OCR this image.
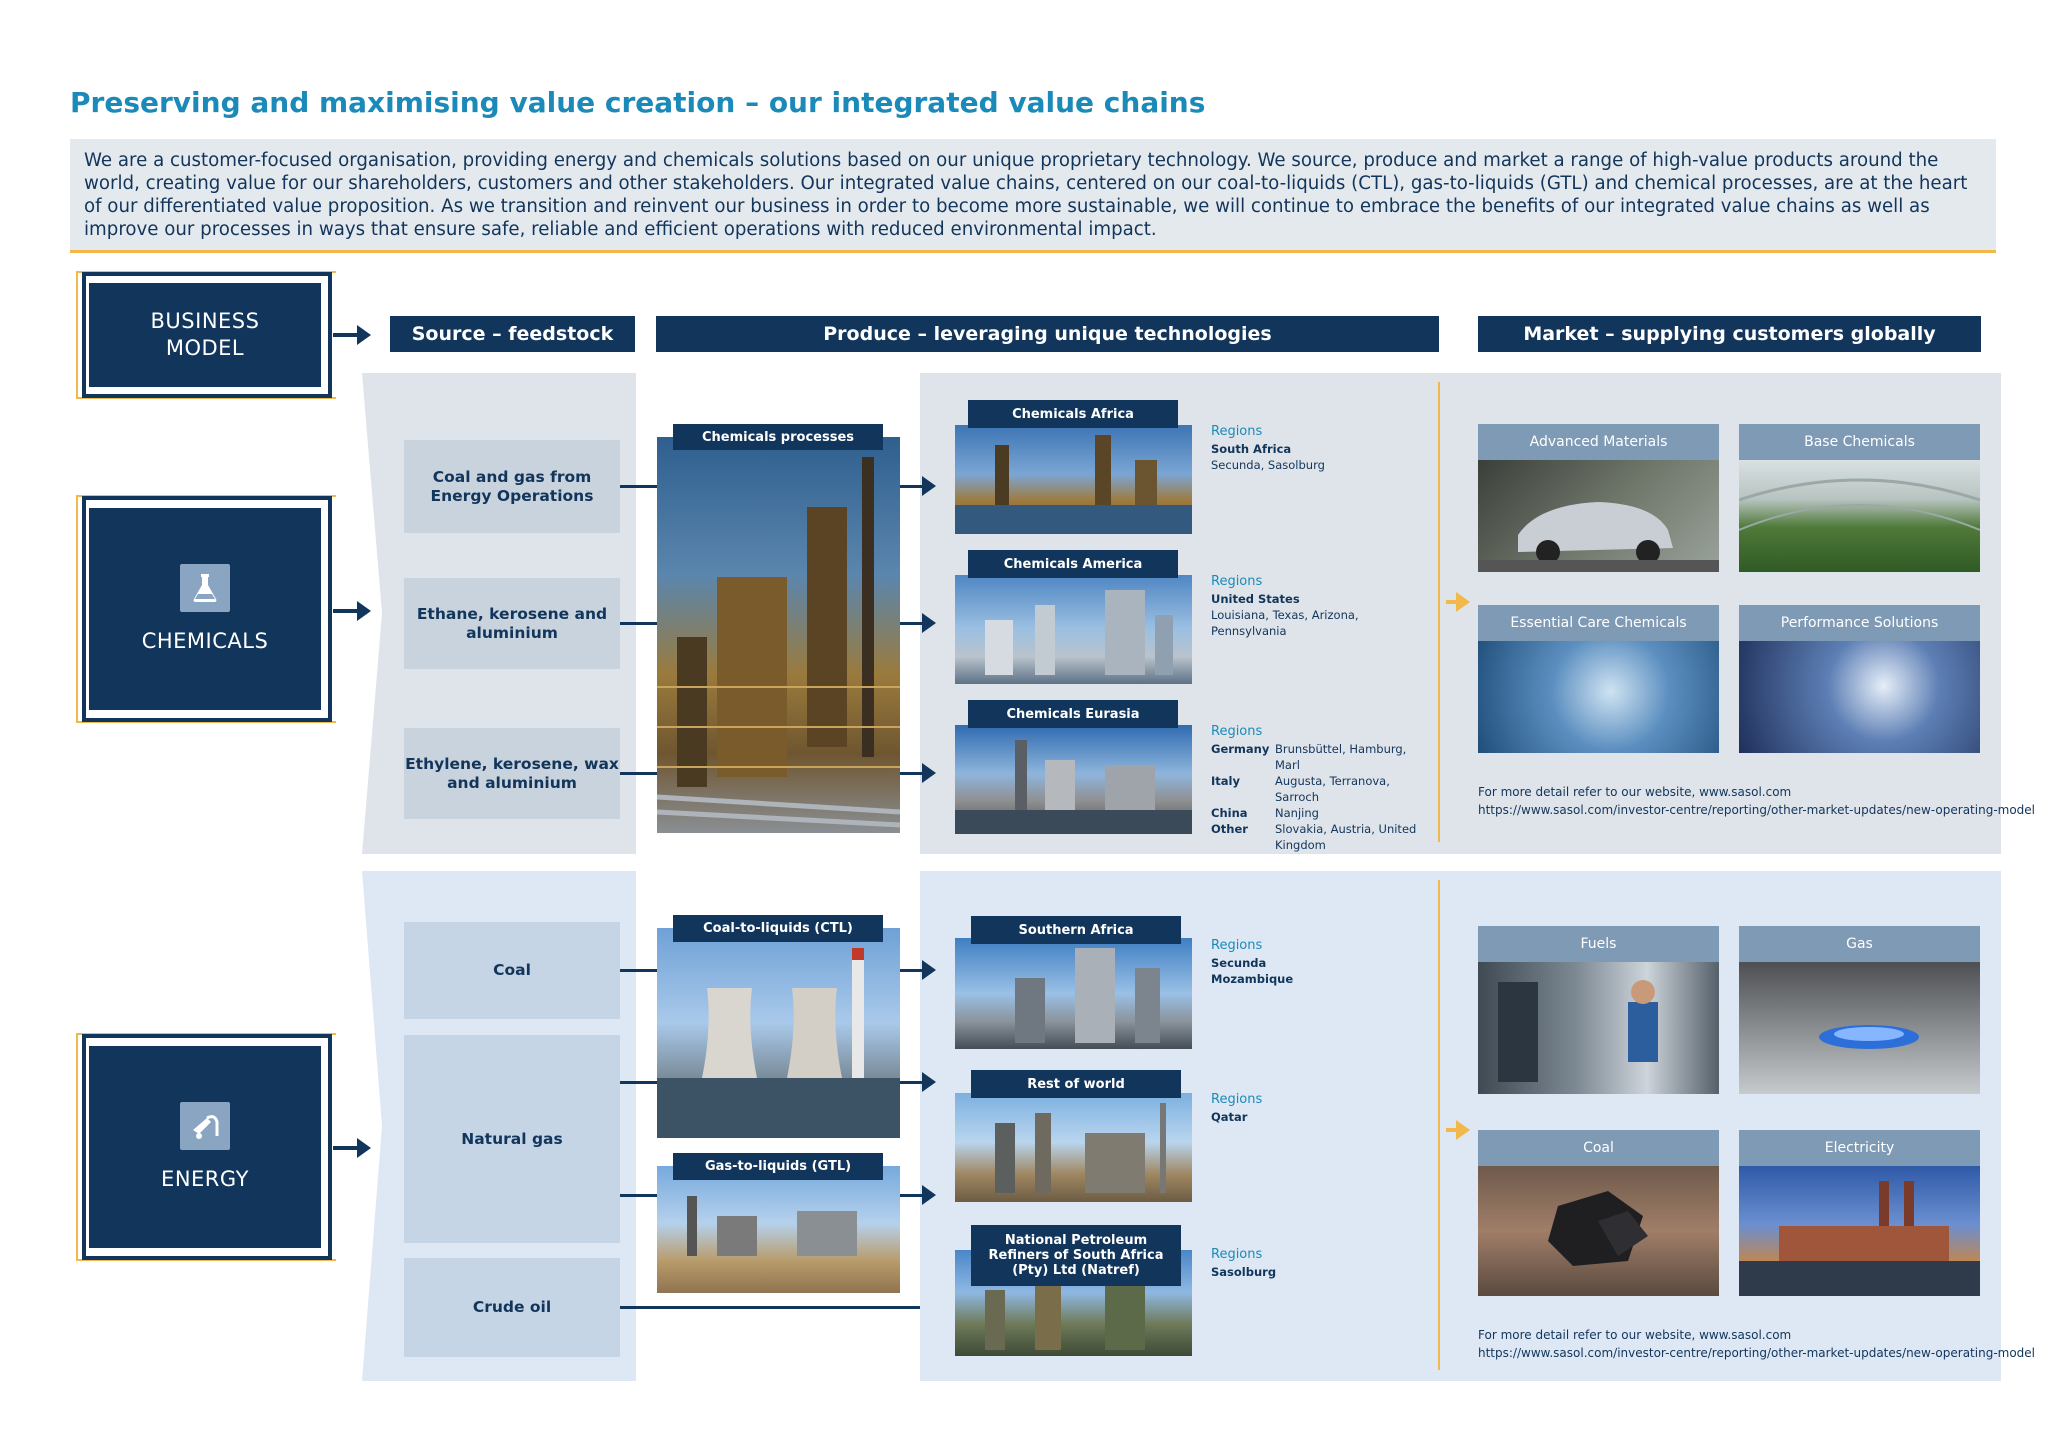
Preserving and maximising value creation – our integrated value chains
We are a customer-focused organisation, providing energy and chemicals solutions based on our unique proprietary technology. We source, produce and market a range of high-value products around the world, creating value for our shareholders, customers and other stakeholders. Our integrated value chains, centered on our coal-to-liquids (CTL), gas-to-liquids (GTL) and chemical processes, are at the heart of our differentiated value proposition. As we transition and reinvent our business in order to become more sustainable, we will continue to embrace the benefits of our integrated value chains as well as improve our processes in ways that ensure safe, reliable and efficient operations with reduced environmental impact.
BUSINESS
MODEL
Source – feedstock	Produce – leveraging unique technologies	Market – supplying customers globally
CHEMICALS
Coal and gas from Energy Operations
Ethane, kerosene and aluminium
Ethylene, kerosene, wax and aluminium
Chemicals processes
Chemicals Africa
Regions
South Africa
Secunda, Sasolburg
Chemicals America
Regions
United States
Louisiana, Texas, Arizona, Pennsylvania
Chemicals Eurasia
Regions
Germany Brunsbüttel, Hamburg, Marl
Italy	Augusta, Terranova, Sarroch
China	Nanjing
Other	Slovakia, Austria, United Kingdom
Advanced Materials	Base Chemicals
Essential Care Chemicals	Performance Solutions
For more detail refer to our website, www.sasol.com
https://www.sasol.com/investor-centre/reporting/other-market-updates/new-operating-model
ENERGY
Coal
Natural gas
Crude oil
Coal-to-liquids (CTL)
Gas-to-liquids (GTL)
Southern Africa
Regions
Secunda
Mozambique
Rest of world
Regions
Qatar
National Petroleum Refiners of South Africa (Pty) Ltd (Natref)
Regions
Sasolburg
Fuels	Gas
Coal	Electricity
For more detail refer to our website, www.sasol.com
https://www.sasol.com/investor-centre/reporting/other-market-updates/new-operating-model
